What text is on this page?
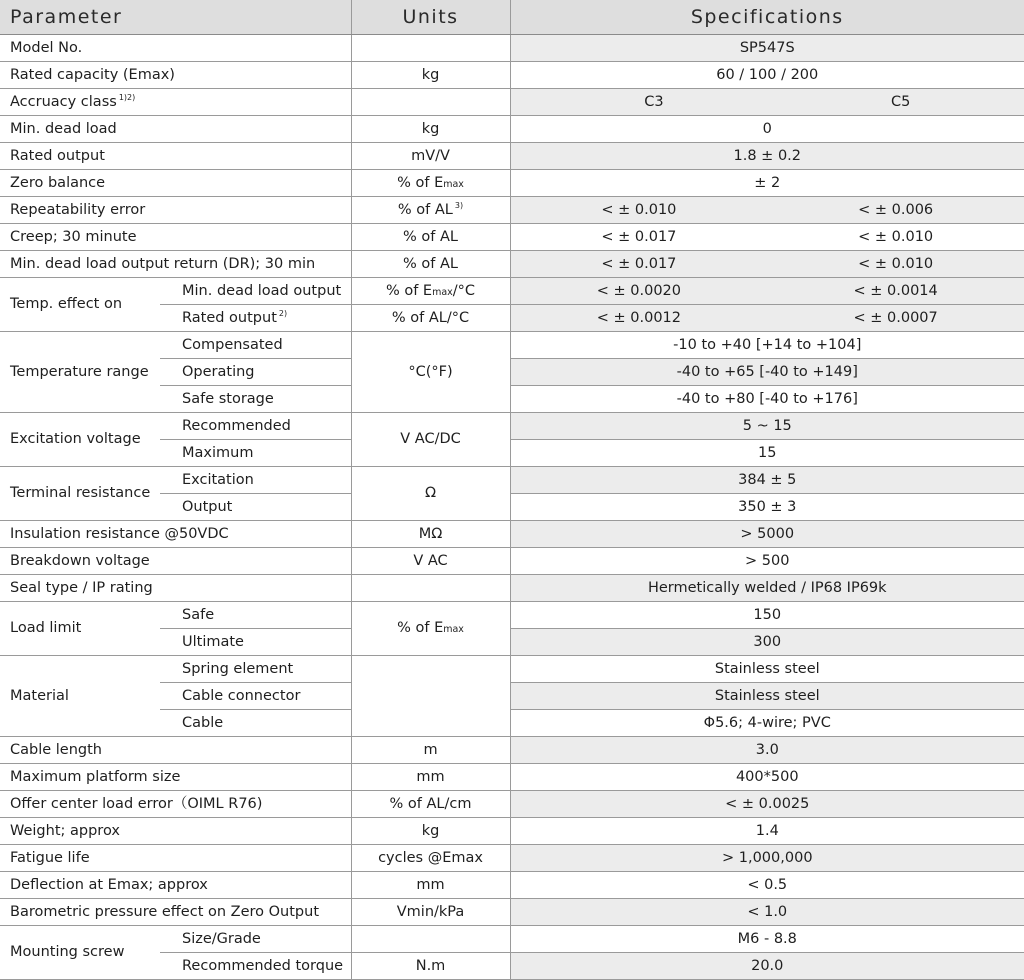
Parameter		Units	Specifications
Model No.			SP547S
Rated capacity (Emax)		kg	60 / 100 / 200
Accruacy class $^{1)2)}$			C3 C5

Min. dead load		kg	0
Rated output		mV/V	1.8 ± 0.2
Zero balance		% of Emax	± 2
Repeatability error		% of AL $^{3)}$	< ± 0.010 < ± 0.006

Creep; 30 minute		% of AL	< ± 0.017 < ± 0.010

Min. dead load output return (DR); 30 min		% of AL	< ± 0.017 < ± 0.010

Temp. effect on	Min. dead load output	% of Emax/°C	< ± 0.0020 < ± 0.0014

	Rated output $^{2)}$	% of AL/°C	< ± 0.0012 < ± 0.0007

Temperature range	Compensated	°C(°F)	-10 to +40 [+14 to +104]
	Operating		-40 to +65 [-40 to +149]
	Safe storage		-40 to +80 [-40 to +176]
Excitation voltage	Recommended	V AC/DC	5 ~ 15
	Maximum		15
Terminal resistance	Excitation	Ω	384 ± 5
	Output		350 ± 3
Insulation resistance @50VDC		MΩ	> 5000
Breakdown voltage		V AC	> 500
Seal type / IP rating			Hermetically welded / IP68 IP69k
Load limit	Safe	% of Emax	150
	Ultimate		300
Material	Spring element		Stainless steel
	Cable connector		Stainless steel
	Cable		Φ5.6; 4-wire; PVC
Cable length		m	3.0
Maximum platform size		mm	400*500
Offer center load error（OIML R76)		% of AL/cm	< ± 0.0025
Weight; approx		kg	1.4
Fatigue life		cycles @Emax	> 1,000,000
Deflection at Emax; approx		mm	< 0.5
Barometric pressure effect on Zero Output		Vmin/kPa	< 1.0
Mounting screw	Size/Grade		M6 - 8.8
	Recommended torque	N.m	20.0
